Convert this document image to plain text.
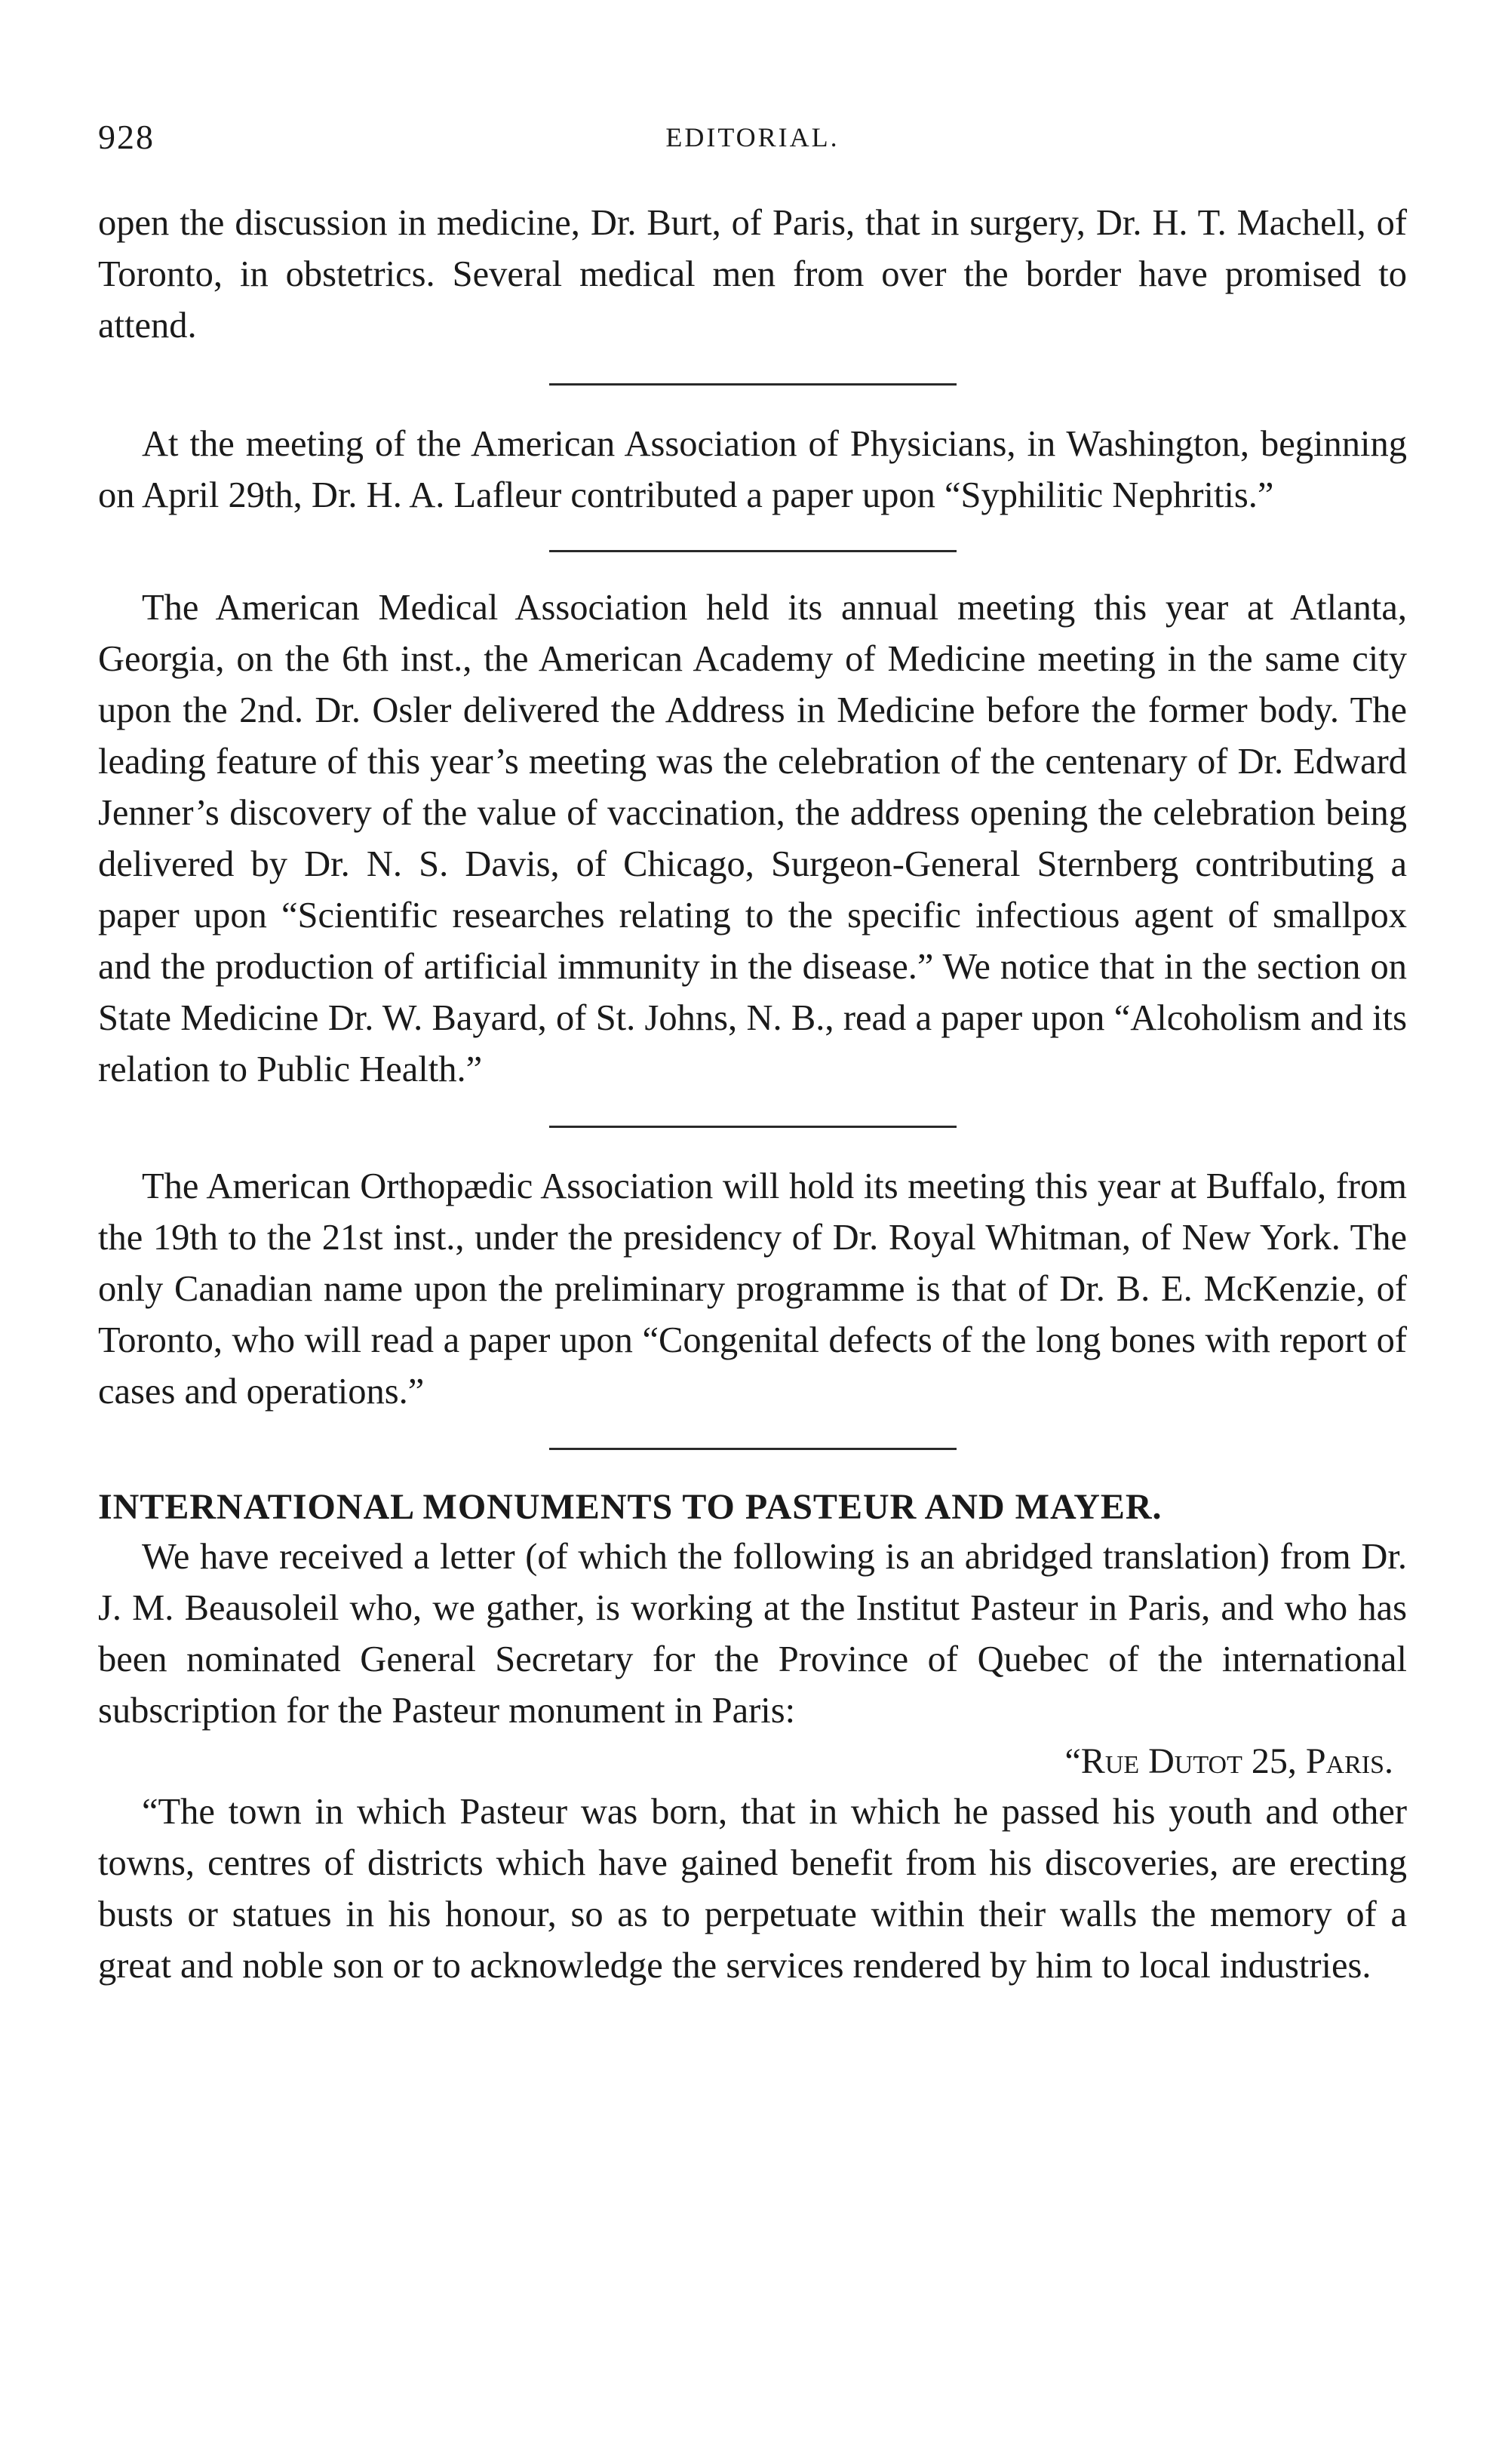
928	EDITORIAL.

open the discussion in medicine, Dr. Burt, of Paris, that in surgery, Dr. H. T. Machell, of Toronto, in obstetrics. Several medical men from over the border have promised to attend.

At the meeting of the American Association of Physicians, in Washington, beginning on April 29th, Dr. H. A. Lafleur contributed a paper upon “Syphilitic Nephritis.”

The American Medical Association held its annual meeting this year at Atlanta, Georgia, on the 6th inst., the American Academy of Medicine meeting in the same city upon the 2nd. Dr. Osler delivered the Address in Medicine before the former body. The leading feature of this year’s meeting was the celebration of the centenary of Dr. Edward Jenner’s discovery of the value of vaccination, the address opening the celebration being delivered by Dr. N. S. Davis, of Chicago, Surgeon-General Sternberg contributing a paper upon “Scientific researches relating to the specific infectious agent of smallpox and the production of artificial immunity in the disease.” We notice that in the section on State Medicine Dr. W. Bayard, of St. Johns, N. B., read a paper upon “Alcoholism and its relation to Public Health.”

The American Orthopædic Association will hold its meeting this year at Buffalo, from the 19th to the 21st inst., under the presidency of Dr. Royal Whitman, of New York. The only Canadian name upon the preliminary programme is that of Dr. B. E. McKenzie, of Toronto, who will read a paper upon “Congenital defects of the long bones with report of cases and operations.”

INTERNATIONAL MONUMENTS TO PASTEUR AND MAYER.

We have received a letter (of which the following is an abridged translation) from Dr. J. M. Beausoleil who, we gather, is working at the Institut Pasteur in Paris, and who has been nominated General Secretary for the Province of Quebec of the international subscription for the Pasteur monument in Paris:

“Rue Dutot 25, Paris.

“The town in which Pasteur was born, that in which he passed his youth and other towns, centres of districts which have gained benefit from his discoveries, are erecting busts or statues in his honour, so as to perpetuate within their walls the memory of a great and noble son or to acknowledge the services rendered by him to local industries.
